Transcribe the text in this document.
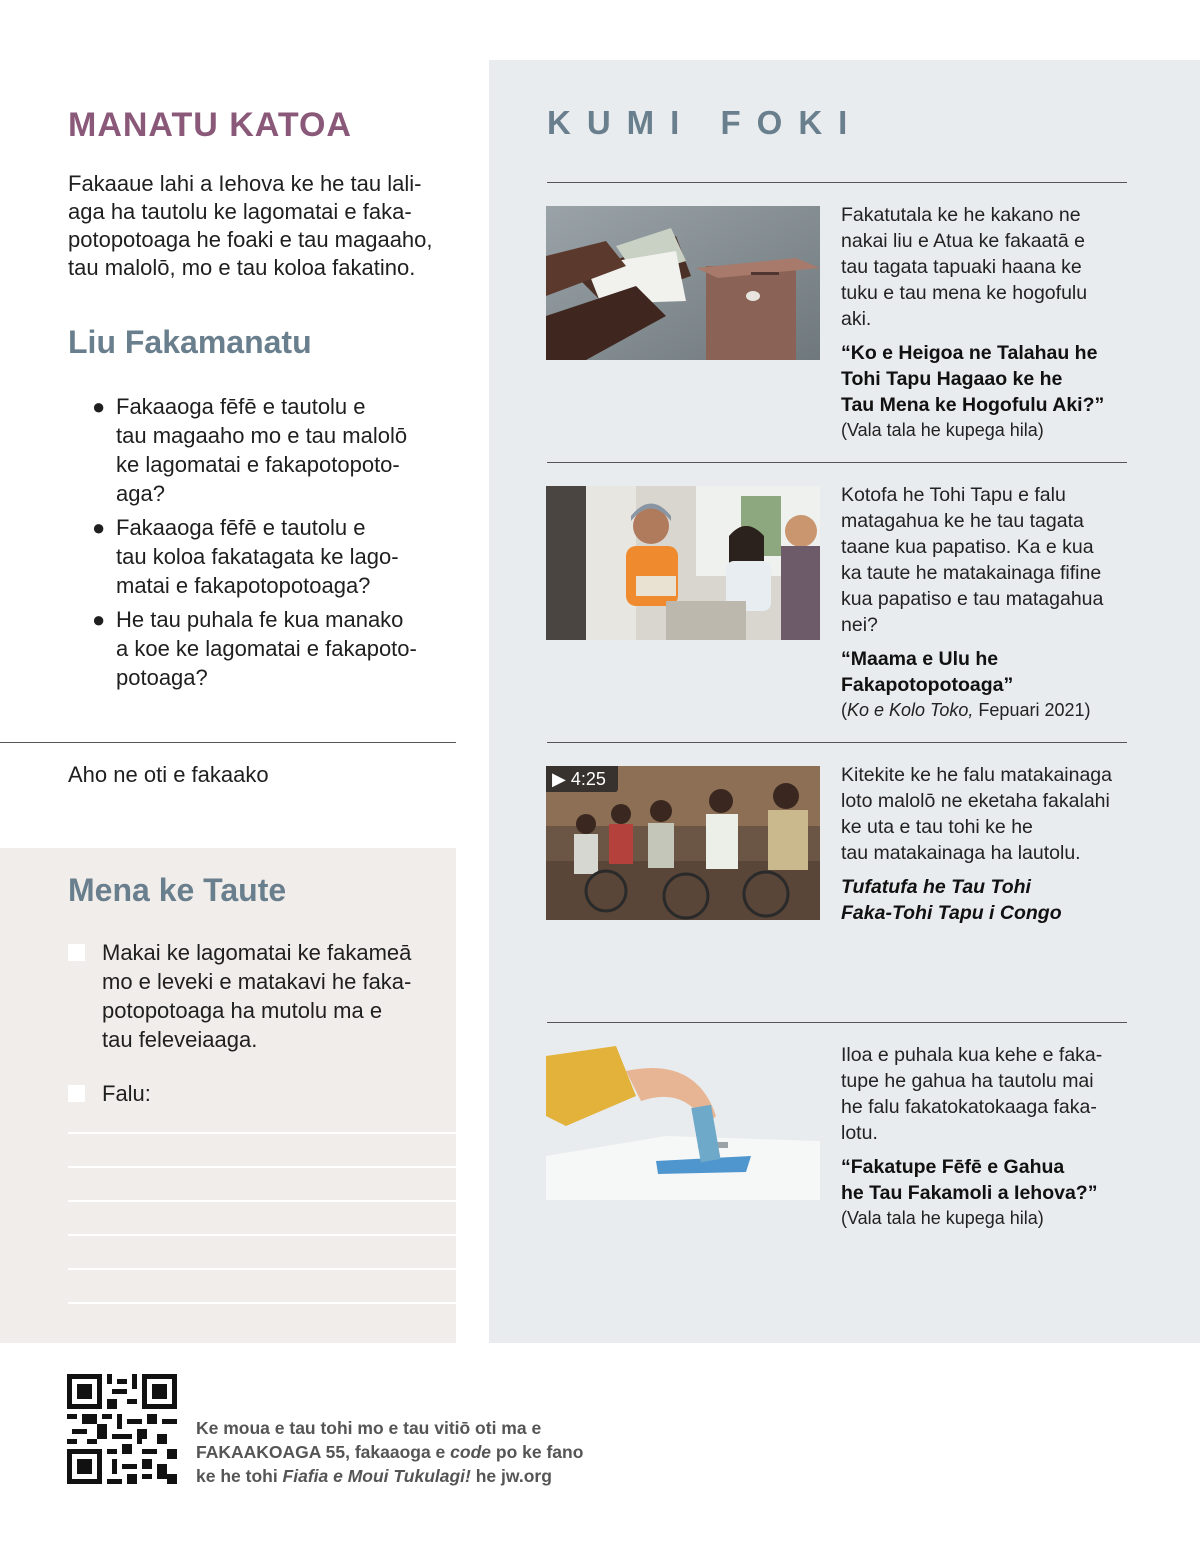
MANATU KATOA

Fakaaue lahi a Iehova ke he tau lali-
aga ha tautolu ke lagomatai e faka-
potopotoaga he foaki e tau magaaho,
tau malolō, mo e tau koloa fakatino.

Liu Fakamanatu
● Fakaaoga fēfē e tautolu e
tau magaaho mo e tau malolō
ke lagomatai e fakapotopoto-
aga?
● Fakaaoga fēfē e tautolu e
tau koloa fakatagata ke lago-
matai e fakapotopotoaga?
● He tau puhala fe kua manako
a koe ke lagomatai e fakapoto-
potoaga?

Aho ne oti e fakaako

Mena ke Taute
Makai ke lagomatai ke fakameā
mo e leveki e matakavi he faka-
potopotoaga ha mutolu ma e
tau feleveiaaga.
Falu:
KUMI FOKI

Fakatutala ke he kakano ne
nakai liu e Atua ke fakaatā e
tau tagata tapuaki haana ke
tuku e tau mena ke hogofulu
aki.

“Ko e Heigoa ne Talahau he
Tohi Tapu Hagaao ke he
Tau Mena ke Hogofulu Aki?”

(Vala tala he kupega hila)

Kotofa he Tohi Tapu e falu
matagahua ke he tau tagata
taane kua papatiso. Ka e kua
ka taute he matakainaga fifine
kua papatiso e tau matagahua
nei?

“Maama e Ulu he
Fakapotopotoaga”

(Ko e Kolo Toko, Fepuari 2021)

▶ 4:25	Kitekite ke he falu matakainaga
loto malolō ne eketaha fakalahi
ke uta e tau tohi ke he
tau matakainaga ha lautolu.

Tufatufa he Tau Tohi
Faka-Tohi Tapu i Congo

Iloa e puhala kua kehe e faka-
tupe he gahua ha tautolu mai
he falu fakatokatokaaga faka-
lotu.

“Fakatupe Fēfē e Gahua
he Tau Fakamoli a Iehova?”

(Vala tala he kupega hila)

Ke moua e tau tohi mo e tau vitiō oti ma e
FAKAAKOAGA 55, fakaaoga e code po ke fano
ke he tohi Fiafia e Moui Tukulagi! he jw.org
